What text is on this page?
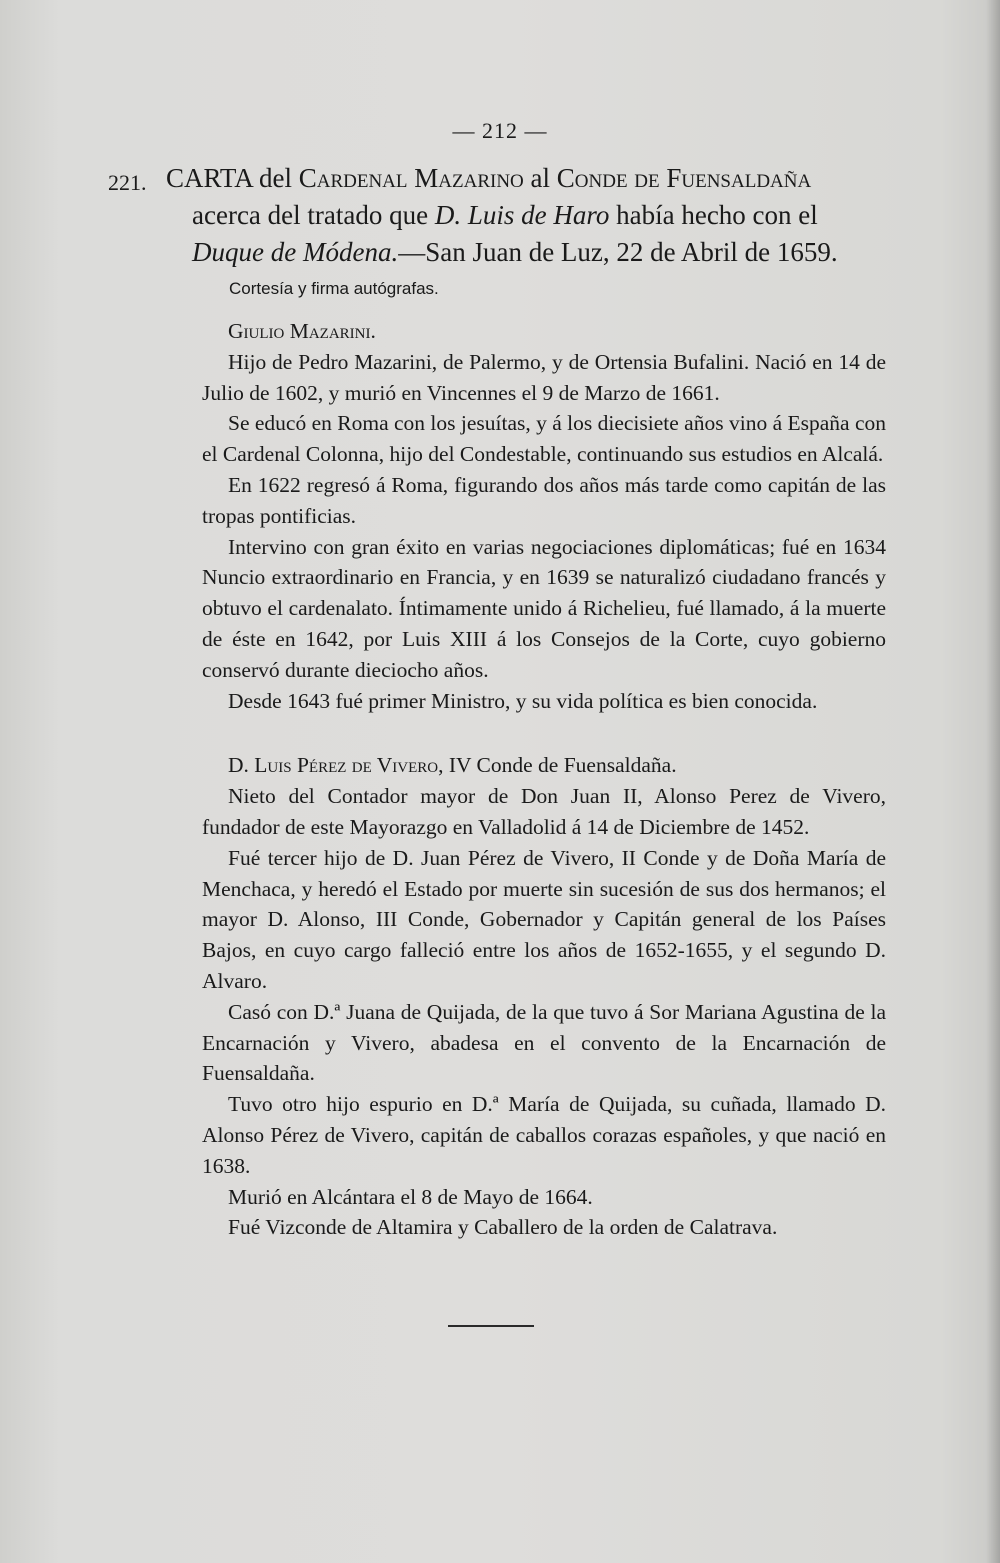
— 212 —
221. CARTA del Cardenal Mazarino al Conde de Fuensaldaña
acerca del tratado que D. Luis de Haro había hecho con el
Duque de Módena.—San Juan de Luz, 22 de Abril de 1659.
Cortesía y firma autógrafas.

Giulio Mazarini.

Hijo de Pedro Mazarini, de Palermo, y de Ortensia Bufalini. Nació en 14 de Julio de 1602, y murió en Vincennes el 9 de Marzo de 1661.

Se educó en Roma con los jesuítas, y á los diecisiete años vino á España con el Cardenal Colonna, hijo del Condestable, continuando sus estudios en Alcalá.

En 1622 regresó á Roma, figurando dos años más tarde como capitán de las tropas pontificias.

Intervino con gran éxito en varias negociaciones diplomáticas; fué en 1634 Nuncio extraordinario en Francia, y en 1639 se naturalizó ciudadano francés y obtuvo el cardenalato. Íntimamente unido á Richelieu, fué llamado, á la muerte de éste en 1642, por Luis XIII á los Consejos de la Corte, cuyo gobierno conservó durante dieciocho años.

Desde 1643 fué primer Ministro, y su vida política es bien conocida.

D. Luis Pérez de Vivero, IV Conde de Fuensaldaña.

Nieto del Contador mayor de Don Juan II, Alonso Perez de Vivero, fundador de este Mayorazgo en Valladolid á 14 de Diciembre de 1452.

Fué tercer hijo de D. Juan Pérez de Vivero, II Conde y de Doña María de Menchaca, y heredó el Estado por muerte sin sucesión de sus dos hermanos; el mayor D. Alonso, III Conde, Gobernador y Capitán general de los Países Bajos, en cuyo cargo falleció entre los años de 1652-1655, y el segundo D. Alvaro.

Casó con D.ª Juana de Quijada, de la que tuvo á Sor Mariana Agustina de la Encarnación y Vivero, abadesa en el convento de la Encarnación de Fuensaldaña.

Tuvo otro hijo espurio en D.ª María de Quijada, su cuñada, llamado D. Alonso Pérez de Vivero, capitán de caballos corazas españoles, y que nació en 1638.

Murió en Alcántara el 8 de Mayo de 1664.

Fué Vizconde de Altamira y Caballero de la orden de Calatrava.
